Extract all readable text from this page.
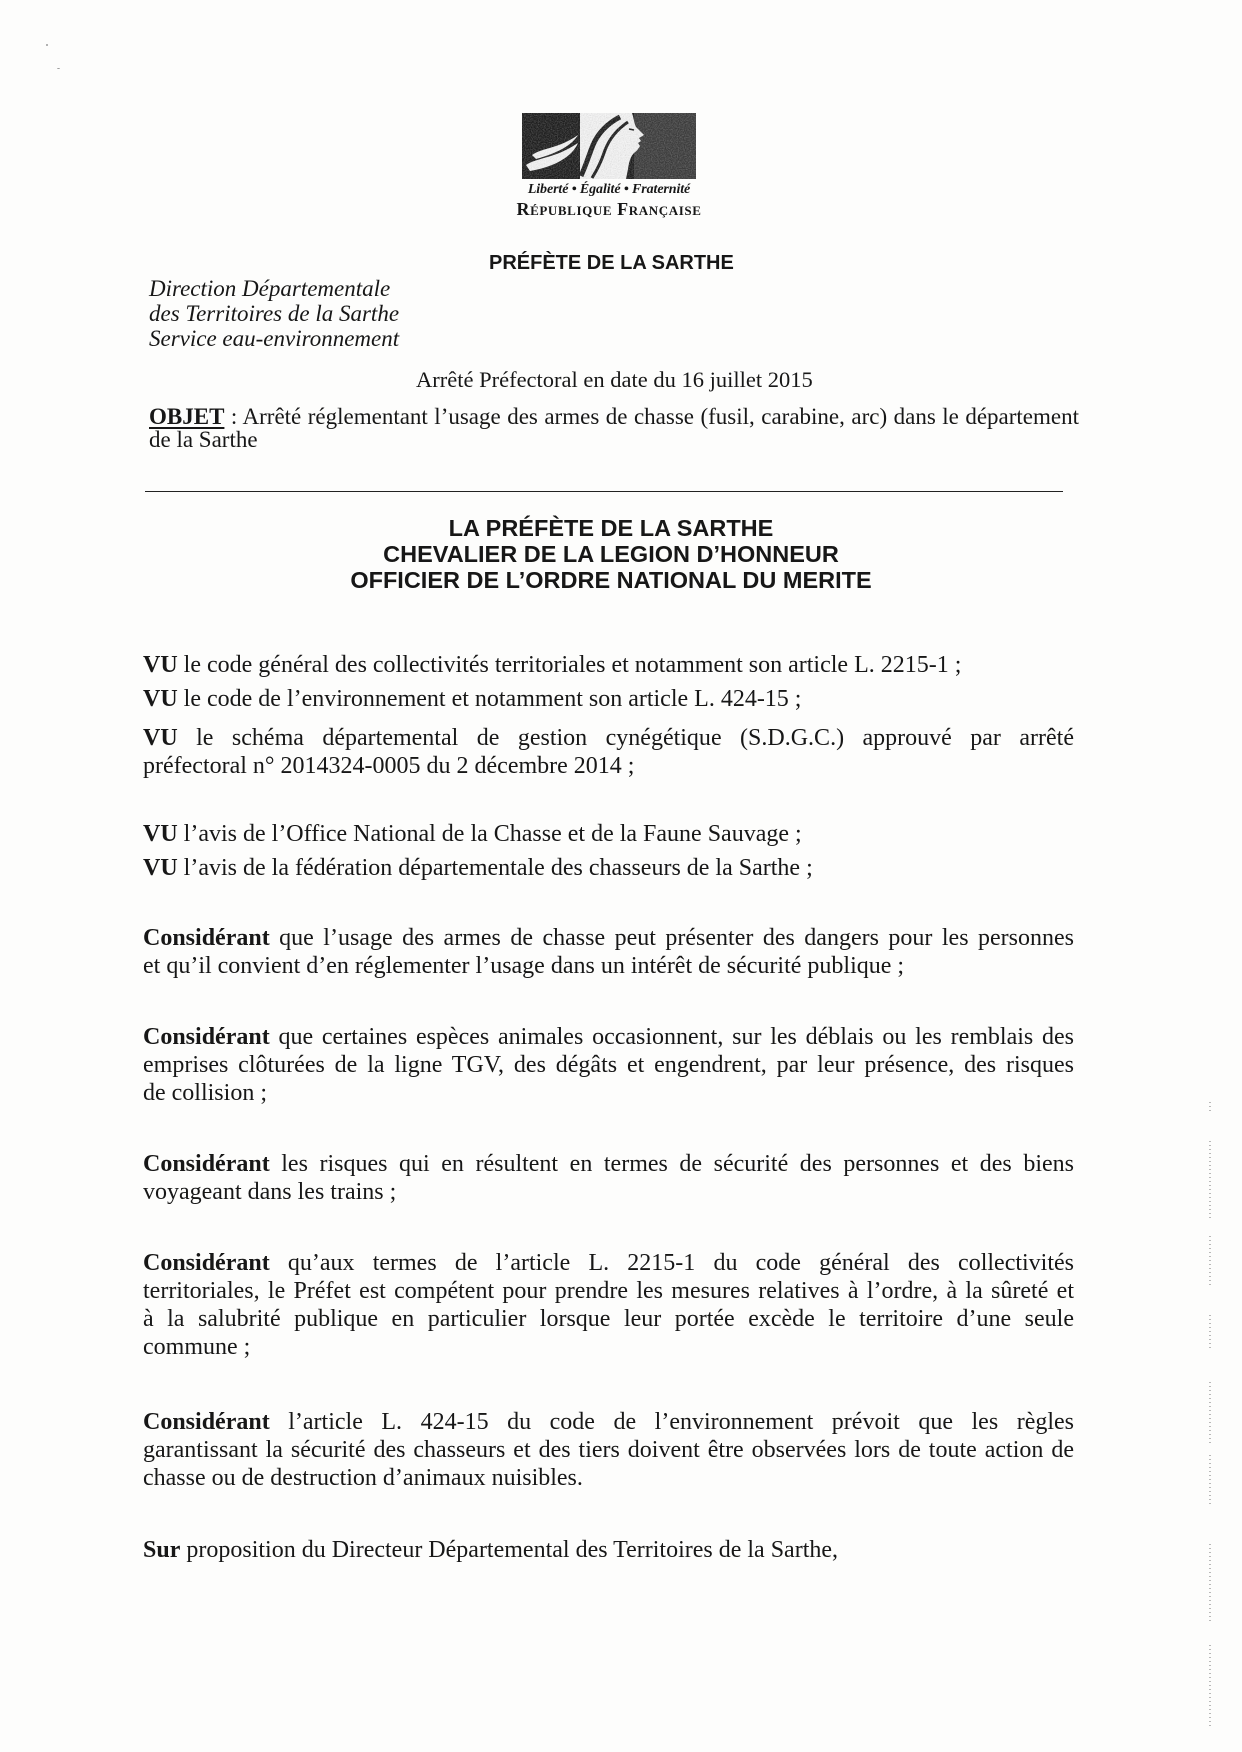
Liberté • Égalité • Fraternité
République Française
PRÉFÈTE DE LA SARTHE
Direction Départementale
des Territoires de la Sarthe
Service eau-environnement
Arrêté Préfectoral en date du 16 juillet 2015
OBJET : Arrêté réglementant l’usage des armes de chasse (fusil, carabine, arc) dans le département
de la Sarthe
LA PRÉFÈTE DE LA SARTHE
CHEVALIER DE LA LEGION D’HONNEUR
OFFICIER DE L’ORDRE NATIONAL DU MERITE
VU le code général des collectivités territoriales et notamment son article L. 2215-1 ;
VU le code de l’environnement et notamment son article L. 424-15 ;
VU le schéma départemental de gestion cynégétique (S.D.G.C.) approuvé par arrêté
préfectoral n° 2014324-0005 du 2 décembre 2014 ;
VU l’avis de l’Office National de la Chasse et de la Faune Sauvage ;
VU l’avis de la fédération départementale des chasseurs de la Sarthe ;
Considérant que l’usage des armes de chasse peut présenter des dangers pour les personnes
et qu’il convient d’en réglementer l’usage dans un intérêt de sécurité publique ;
Considérant que certaines espèces animales occasionnent, sur les déblais ou les remblais des
emprises clôturées de la ligne TGV, des dégâts et engendrent, par leur présence, des risques
de collision ;
Considérant les risques qui en résultent en termes de sécurité des personnes et des biens
voyageant dans les trains ;
Considérant qu’aux termes de l’article L. 2215-1 du code général des collectivités
territoriales, le Préfet est compétent pour prendre les mesures relatives à l’ordre, à la sûreté et
à la salubrité publique en particulier lorsque leur portée excède le territoire d’une seule
commune ;
Considérant l’article L. 424-15 du code de l’environnement prévoit que les règles
garantissant la sécurité des chasseurs et des tiers doivent être observées lors de toute action de
chasse ou de destruction d’animaux nuisibles.
Sur proposition du Directeur Départemental des Territoires de la Sarthe,
